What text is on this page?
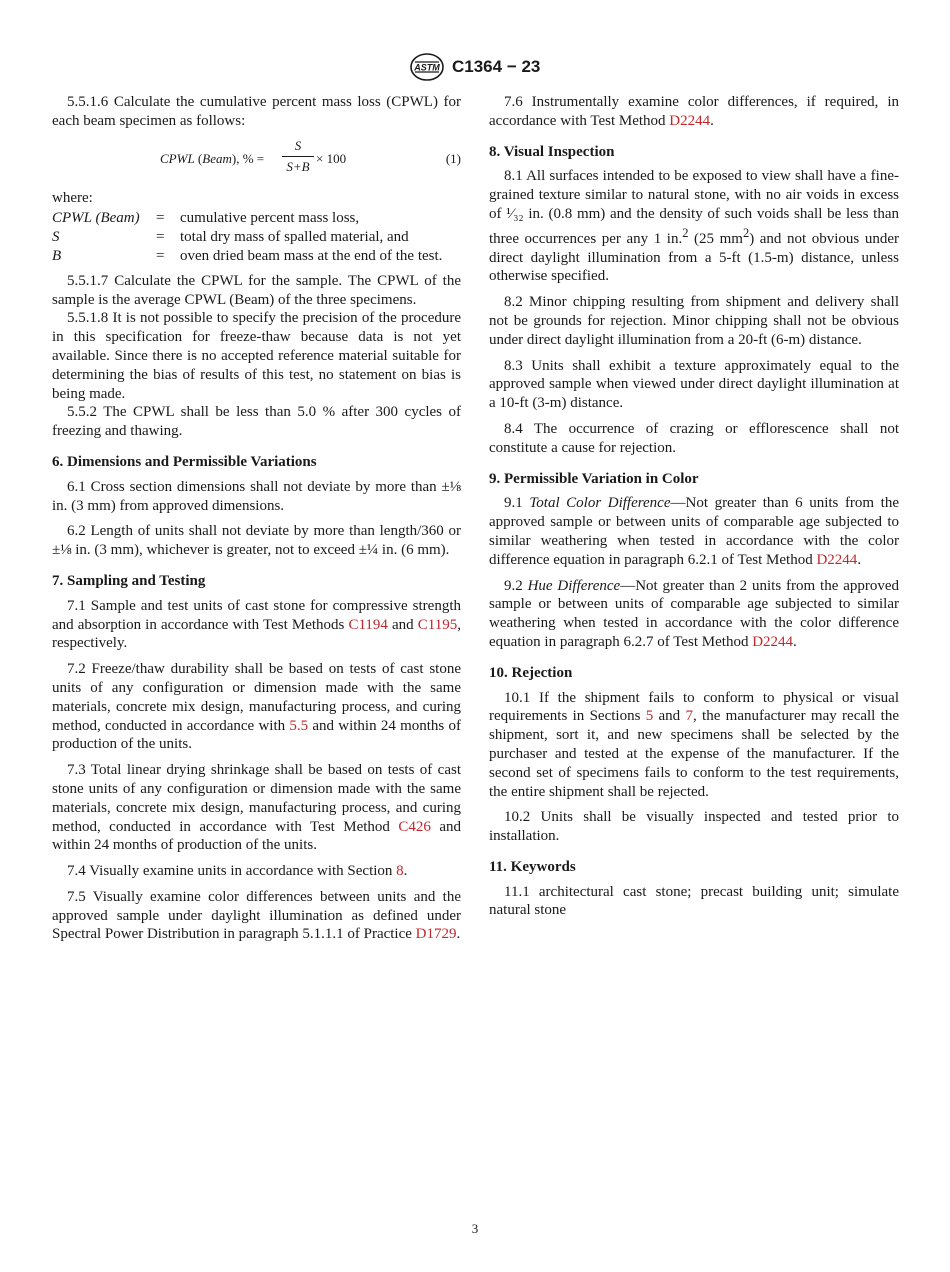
ASTM C1364 − 23

5.5.1.6 Calculate the cumulative percent mass loss (CPWL) for each beam specimen as follows:

CPWL (Beam), % = $\frac{S}{S+B} \times 100$	(1)

where:

CPWL (Beam)	=	cumulative percent mass loss,
S	=	total dry mass of spalled material, and
B	=	oven dried beam mass at the end of the test.

5.5.1.7 Calculate the CPWL for the sample. The CPWL of the sample is the average CPWL (Beam) of the three specimens.

5.5.1.8 It is not possible to specify the precision of the procedure in this specification for freeze-thaw because data is not yet available. Since there is no accepted reference material suitable for determining the bias of results of this test, no statement on bias is being made.

5.5.2 The CPWL shall be less than 5.0 % after 300 cycles of freezing and thawing.

6. Dimensions and Permissible Variations

6.1 Cross section dimensions shall not deviate by more than ±⅛ in. (3 mm) from approved dimensions.

6.2 Length of units shall not deviate by more than length/360 or ±⅛ in. (3 mm), whichever is greater, not to exceed ±¼ in. (6 mm).

7. Sampling and Testing

7.1 Sample and test units of cast stone for compressive strength and absorption in accordance with Test Methods C1194 and C1195, respectively.

7.2 Freeze/thaw durability shall be based on tests of cast stone units of any configuration or dimension made with the same materials, concrete mix design, manufacturing process, and curing method, conducted in accordance with 5.5 and within 24 months of production of the units.

7.3 Total linear drying shrinkage shall be based on tests of cast stone units of any configuration or dimension made with the same materials, concrete mix design, manufacturing process, and curing method, conducted in accordance with Test Method C426 and within 24 months of production of the units.

7.4 Visually examine units in accordance with Section 8.

7.5 Visually examine color differences between units and the approved sample under daylight illumination as defined under Spectral Power Distribution in paragraph 5.1.1.1 of Practice D1729.

7.6 Instrumentally examine color differences, if required, in accordance with Test Method D2244.

8. Visual Inspection

8.1 All surfaces intended to be exposed to view shall have a fine-grained texture similar to natural stone, with no air voids in excess of ¹⁄₃₂ in. (0.8 mm) and the density of such voids shall be less than three occurrences per any 1 in.$^2$ (25 $mm^2$) and not obvious under direct daylight illumination from a 5-ft (1.5-m) distance, unless otherwise specified.

8.2 Minor chipping resulting from shipment and delivery shall not be grounds for rejection. Minor chipping shall not be obvious under direct daylight illumination from a 20-ft (6-m) distance.

8.3 Units shall exhibit a texture approximately equal to the approved sample when viewed under direct daylight illumination at a 10-ft (3-m) distance.

8.4 The occurrence of crazing or efflorescence shall not constitute a cause for rejection.

9. Permissible Variation in Color

9.1 Total Color Difference—Not greater than 6 units from the approved sample or between units of comparable age subjected to similar weathering when tested in accordance with the color difference equation in paragraph 6.2.1 of Test Method D2244.

9.2 Hue Difference—Not greater than 2 units from the approved sample or between units of comparable age subjected to similar weathering when tested in accordance with the color difference equation in paragraph 6.2.7 of Test Method D2244.

10. Rejection

10.1 If the shipment fails to conform to physical or visual requirements in Sections 5 and 7, the manufacturer may recall the shipment, sort it, and new specimens shall be selected by the purchaser and tested at the expense of the manufacturer. If the second set of specimens fails to conform to the test requirements, the entire shipment shall be rejected.

10.2 Units shall be visually inspected and tested prior to installation.

11. Keywords

11.1 architectural cast stone; precast building unit; simulate natural stone

3
